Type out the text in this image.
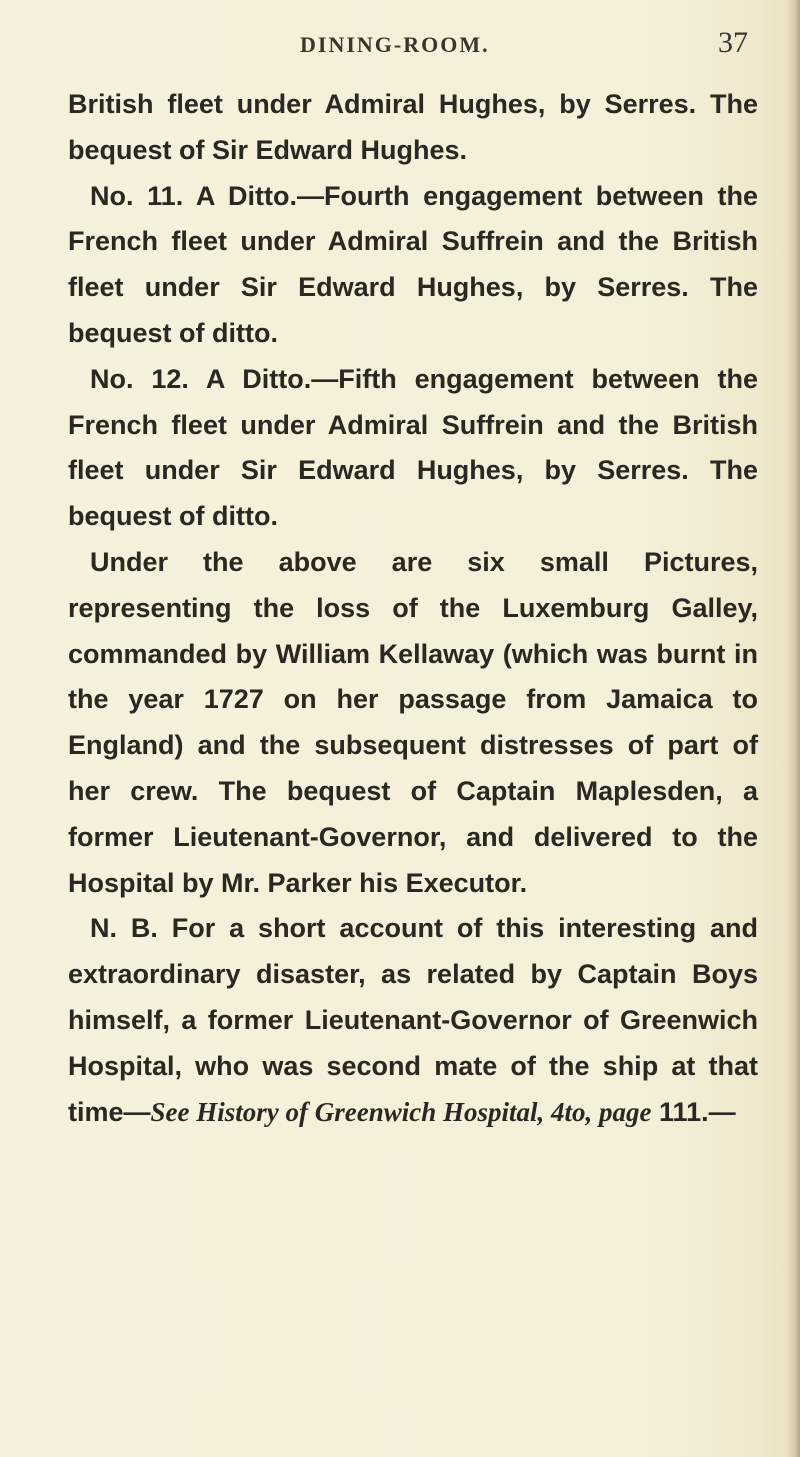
DINING-ROOM.	37

British fleet under Admiral Hughes, by Serres. The bequest of Sir Edward Hughes.

No. 11. A Ditto.—Fourth engagement between the French fleet under Admiral Suffrein and the British fleet under Sir Edward Hughes, by Serres. The bequest of ditto.

No. 12. A Ditto.—Fifth engagement between the French fleet under Admiral Suffrein and the British fleet under Sir Edward Hughes, by Serres. The bequest of ditto.

Under the above are six small Pictures, representing the loss of the Luxemburg Galley, commanded by William Kellaway (which was burnt in the year 1727 on her passage from Jamaica to England) and the subsequent distresses of part of her crew. The bequest of Captain Maplesden, a former Lieutenant-Governor, and delivered to the Hospital by Mr. Parker his Executor.

N. B. For a short account of this interesting and extraordinary disaster, as related by Captain Boys himself, a former Lieutenant-Governor of Greenwich Hospital, who was second mate of the ship at that time—See History of Greenwich Hospital, 4to, page 111.—
